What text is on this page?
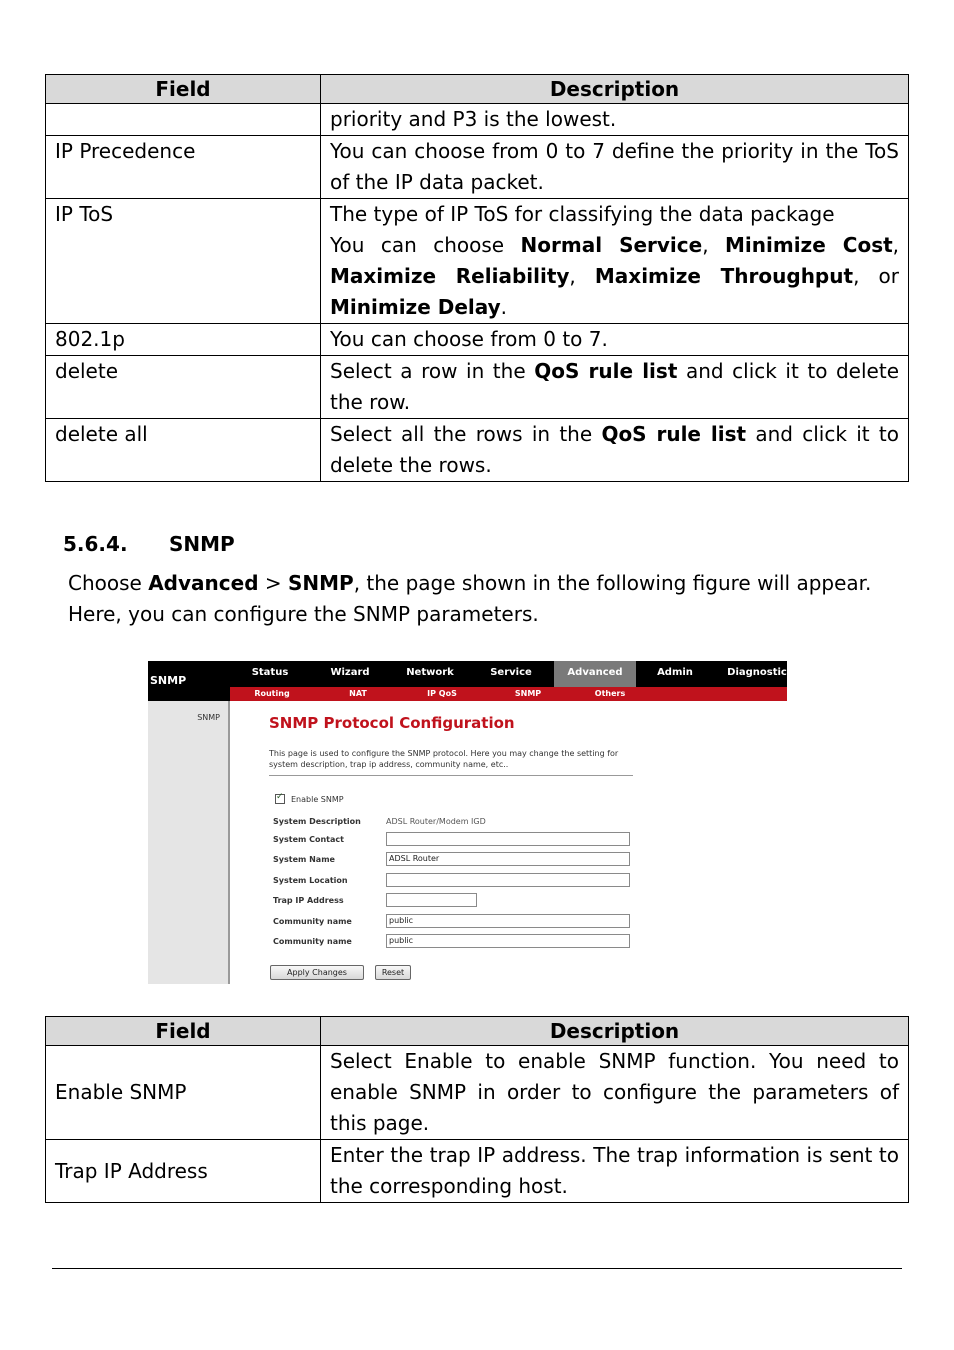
Field	Description
	priority and P3 is the lowest.
IP Precedence	You can choose from 0 to 7 define the priority in the ToS of the IP data packet.
IP ToS	The type of IP ToS for classifying the data package
You can choose Normal Service, Minimize Cost, Maximize Reliability, Maximize Throughput, or Minimize Delay.
802.1p	You can choose from 0 to 7.
delete	Select a row in the QoS rule list and click it to delete the row.
delete all	Select all the rows in the QoS rule list and click it to delete the rows.
5.6.4. SNMP
Choose Advanced > SNMP, the page shown in the following figure will appear. Here, you can configure the SNMP parameters.
SNMP
Status	Wizard	Network	Service	Advanced	Admin	Diagnostic
Routing	NAT	IP QoS	SNMP	Others
SNMP	SNMP Protocol Configuration
This page is used to configure the SNMP protocol. Here you may change the setting for system description, trap ip address, community name, etc..
✓
Enable SNMP
System Description	ADSL Router/Modem IGD
System Contact
System Name	ADSL Router
System Location
Trap IP Address
Community name	public
Community name	public
Apply Changes	Reset
Field	Description
Enable SNMP	Select Enable to enable SNMP function. You need to enable SNMP in order to configure the parameters of this page.
Trap IP Address	Enter the trap IP address. The trap information is sent to the corresponding host.
